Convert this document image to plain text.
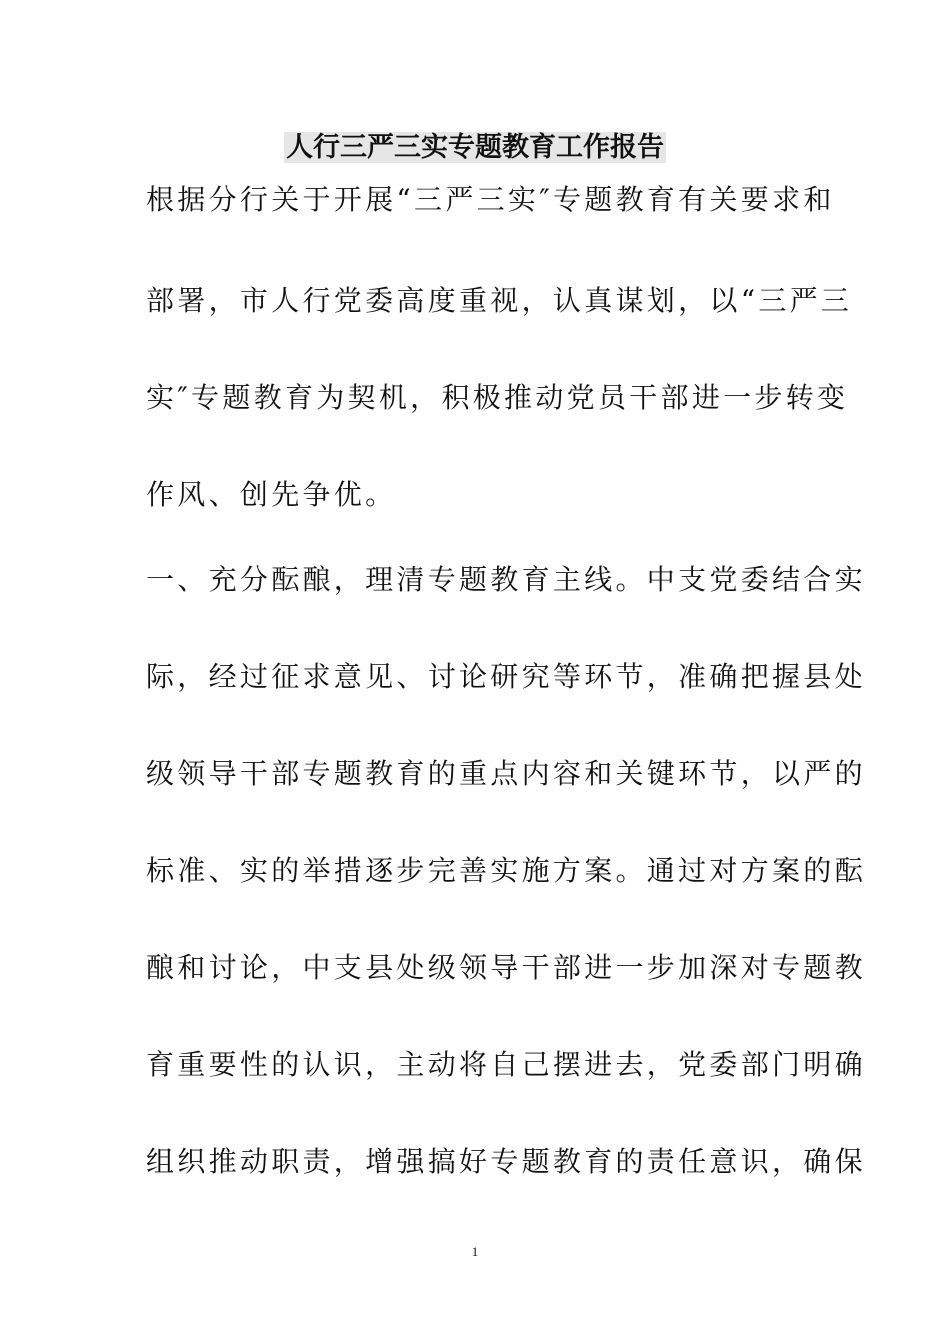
人行三严三实专题教育工作报告
根据分行关于开展“三严三实″专题教育有关要求和
部署，市人行党委高度重视，认真谋划，以“三严三
实″专题教育为契机，积极推动党员干部进一步转变
作风、创先争优。
一、充分酝酿，理清专题教育主线。中支党委结合实
际，经过征求意见、讨论研究等环节，准确把握县处
级领导干部专题教育的重点内容和关键环节，以严的
标准、实的举措逐步完善实施方案。通过对方案的酝
酿和讨论，中支县处级领导干部进一步加深对专题教
育重要性的认识，主动将自己摆进去，党委部门明确
组织推动职责，增强搞好专题教育的责任意识，确保
1
